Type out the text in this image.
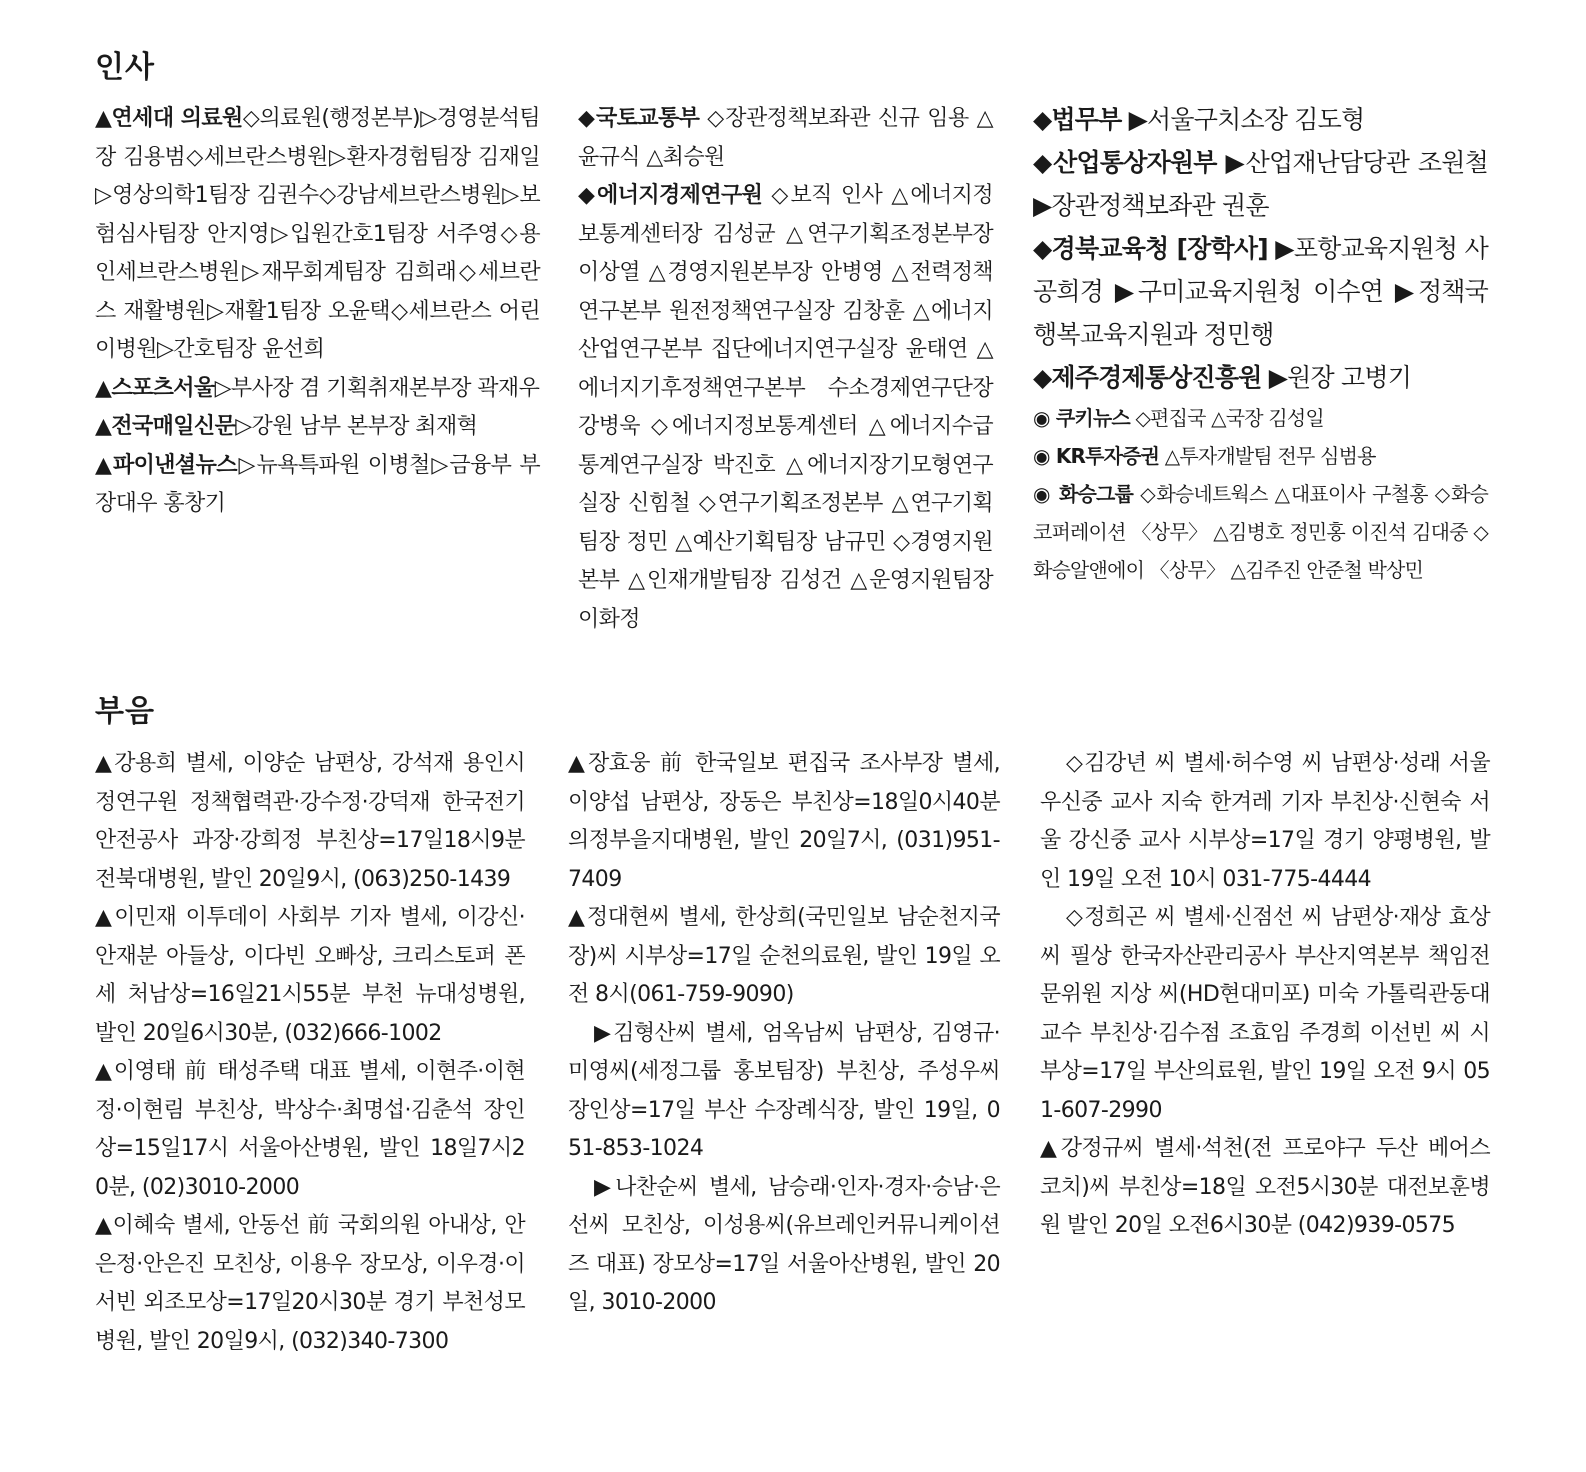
인사

▲연세대 의료원◇의료원(행정본부)▷경영분석팀장 김용범◇세브란스병원▷환자경험팀장 김재일▷영상의학1팀장 김권수◇강남세브란스병원▷보험심사팀장 안지영▷입원간호1팀장 서주영◇용인세브란스병원▷재무회계팀장 김희래◇세브란스 재활병원▷재활1팀장 오윤택◇세브란스 어린이병원▷간호팀장 윤선희

▲스포츠서울▷부사장 겸 기획취재본부장 곽재우

▲전국매일신문▷강원 남부 본부장 최재혁

▲파이낸셜뉴스▷뉴욕특파원 이병철▷금융부 부장대우 홍창기

◆국토교통부 ◇장관정책보좌관 신규 임용 △윤규식 △최승원

◆에너지경제연구원 ◇보직 인사 △에너지정보통계센터장 김성균 △연구기획조정본부장 이상열 △경영지원본부장 안병영 △전력정책연구본부 원전정책연구실장 김창훈 △에너지산업연구본부 집단에너지연구실장 윤태연 △에너지기후정책연구본부 수소경제연구단장 강병욱 ◇에너지정보통계센터 △에너지수급통계연구실장 박진호 △에너지장기모형연구실장 신힘철 ◇연구기획조정본부 △연구기획팀장 정민 △예산기획팀장 남규민 ◇경영지원본부 △인재개발팀장 김성건 △운영지원팀장 이화정

◆법무부 ▶서울구치소장 김도형

◆산업통상자원부 ▶산업재난담당관 조원철 ▶장관정책보좌관 권훈

◆경북교육청 [장학사] ▶포항교육지원청 사공희경 ▶구미교육지원청 이수연 ▶정책국 행복교육지원과 정민행

◆제주경제통상진흥원 ▶원장 고병기

◉ 쿠키뉴스 ◇편집국 △국장 김성일

◉ KR투자증권 △투자개발팀 전무 심범용

◉ 화승그룹 ◇화승네트웍스 △대표이사 구철홍 ◇화승코퍼레이션 〈상무〉 △김병호 정민홍 이진석 김대중 ◇화승알앤에이 〈상무〉 △김주진 안준철 박상민

부음

▲강용희 별세, 이양순 남편상, 강석재 용인시정연구원 정책협력관·강수정·강덕재 한국전기안전공사 과장·강희정 부친상=17일18시9분 전북대병원, 발인 20일9시, (063)250-1439

▲이민재 이투데이 사회부 기자 별세, 이강신·안재분 아들상, 이다빈 오빠상, 크리스토퍼 폰세 처남상=16일21시55분 부천 뉴대성병원, 발인 20일6시30분, (032)666-1002

▲이영태 前 태성주택 대표 별세, 이현주·이현정·이현림 부친상, 박상수·최명섭·김춘석 장인상=15일17시 서울아산병원, 발인 18일7시20분, (02)3010-2000

▲이혜숙 별세, 안동선 前 국회의원 아내상, 안은정·안은진 모친상, 이용우 장모상, 이우경·이서빈 외조모상=17일20시30분 경기 부천성모병원, 발인 20일9시, (032)340-7300

▲장효웅 前 한국일보 편집국 조사부장 별세, 이양섭 남편상, 장동은 부친상=18일0시40분 의정부을지대병원, 발인 20일7시, (031)951-7409

▲정대현씨 별세, 한상희(국민일보 남순천지국장)씨 시부상=17일 순천의료원, 발인 19일 오전 8시(061-759-9090)

▶김형산씨 별세, 엄옥남씨 남편상, 김영규·미영씨(세정그룹 홍보팀장) 부친상, 주성우씨 장인상=17일 부산 수장례식장, 발인 19일, 051-853-1024

▶나찬순씨 별세, 남승래·인자·경자·승남·은선씨 모친상, 이성용씨(유브레인커뮤니케이션즈 대표) 장모상=17일 서울아산병원, 발인 20일, 3010-2000

◇김강년 씨 별세·허수영 씨 남편상·성래 서울우신중 교사 지숙 한겨레 기자 부친상·신현숙 서울 강신중 교사 시부상=17일 경기 양평병원, 발인 19일 오전 10시 031-775-4444

◇정희곤 씨 별세·신점선 씨 남편상·재상 효상 씨 필상 한국자산관리공사 부산지역본부 책임전문위원 지상 씨(HD현대미포) 미숙 가톨릭관동대 교수 부친상·김수점 조효임 주경희 이선빈 씨 시부상=17일 부산의료원, 발인 19일 오전 9시 051-607-2990

▲강정규씨 별세·석천(전 프로야구 두산 베어스 코치)씨 부친상=18일 오전5시30분 대전보훈병원 발인 20일 오전6시30분 (042)939-0575
